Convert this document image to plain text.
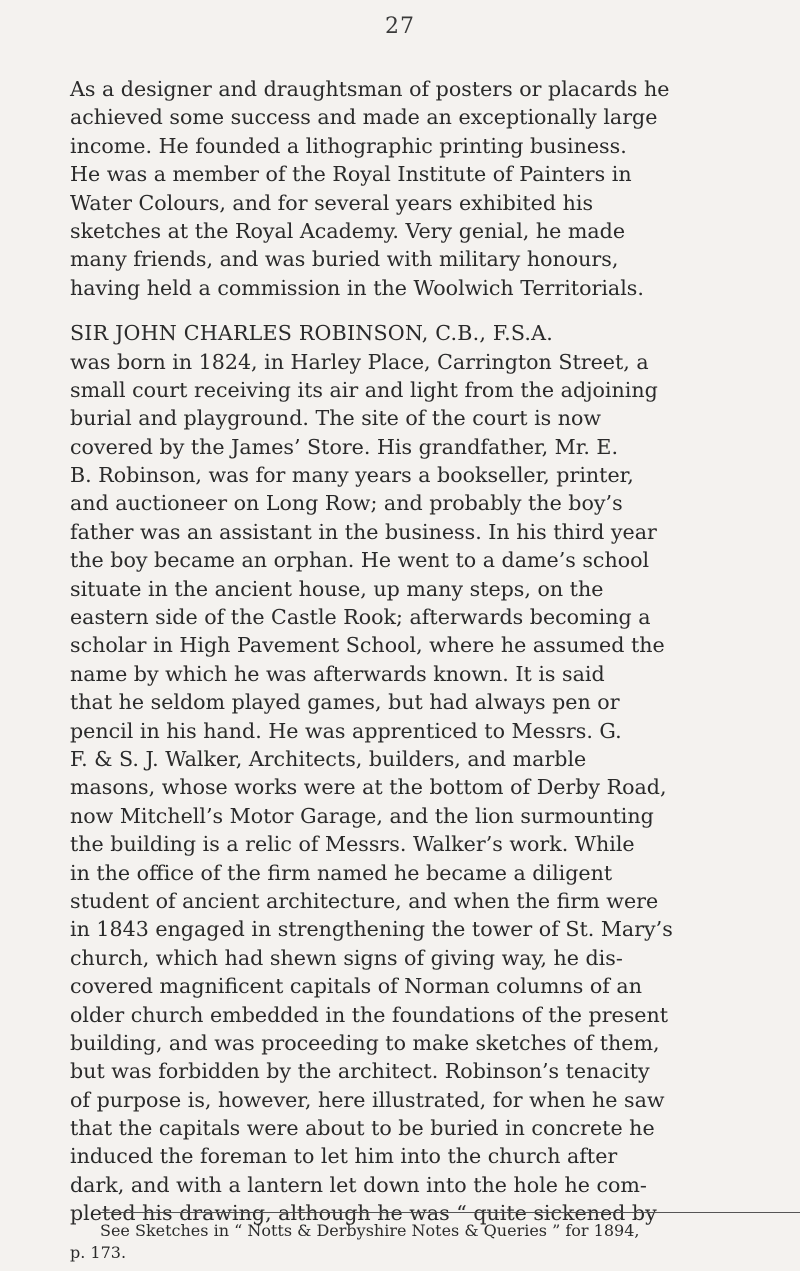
27
As a designer and draughtsman of posters or placards he
achieved some success and made an exceptionally large
income. He founded a lithographic printing business.
He was a member of the Royal Institute of Painters in
Water Colours, and for several years exhibited his
sketches at the Royal Academy. Very genial, he made
many friends, and was buried with military honours,
having held a commission in the Woolwich Territorials.
SIR JOHN CHARLES ROBINSON, C.B., F.S.A.
was born in 1824, in Harley Place, Carrington Street, a
small court receiving its air and light from the adjoining
burial and playground. The site of the court is now
covered by the James’ Store. His grandfather, Mr. E.
B. Robinson, was for many years a bookseller, printer,
and auctioneer on Long Row; and probably the boy’s
father was an assistant in the business. In his third year
the boy became an orphan. He went to a dame’s school
situate in the ancient house, up many steps, on the
eastern side of the Castle Rook; afterwards becoming a
scholar in High Pavement School, where he assumed the
name by which he was afterwards known. It is said
that he seldom played games, but had always pen or
pencil in his hand. He was apprenticed to Messrs. G.
F. & S. J. Walker, Architects, builders, and marble
masons, whose works were at the bottom of Derby Road,
now Mitchell’s Motor Garage, and the lion surmounting
the building is a relic of Messrs. Walker’s work. While
in the office of the firm named he became a diligent
student of ancient architecture, and when the firm were
in 1843 engaged in strengthening the tower of St. Mary’s
church, which had shewn signs of giving way, he dis-
covered magnificent capitals of Norman columns of an
older church embedded in the foundations of the present
building, and was proceeding to make sketches of them,
but was forbidden by the architect. Robinson’s tenacity
of purpose is, however, here illustrated, for when he saw
that the capitals were about to be buried in concrete he
induced the foreman to let him into the church after
dark, and with a lantern let down into the hole he com-
pleted his drawing, although he was “ quite sickened by
See Sketches in “ Notts & Derbyshire Notes & Queries ” for 1894,
p. 173.
